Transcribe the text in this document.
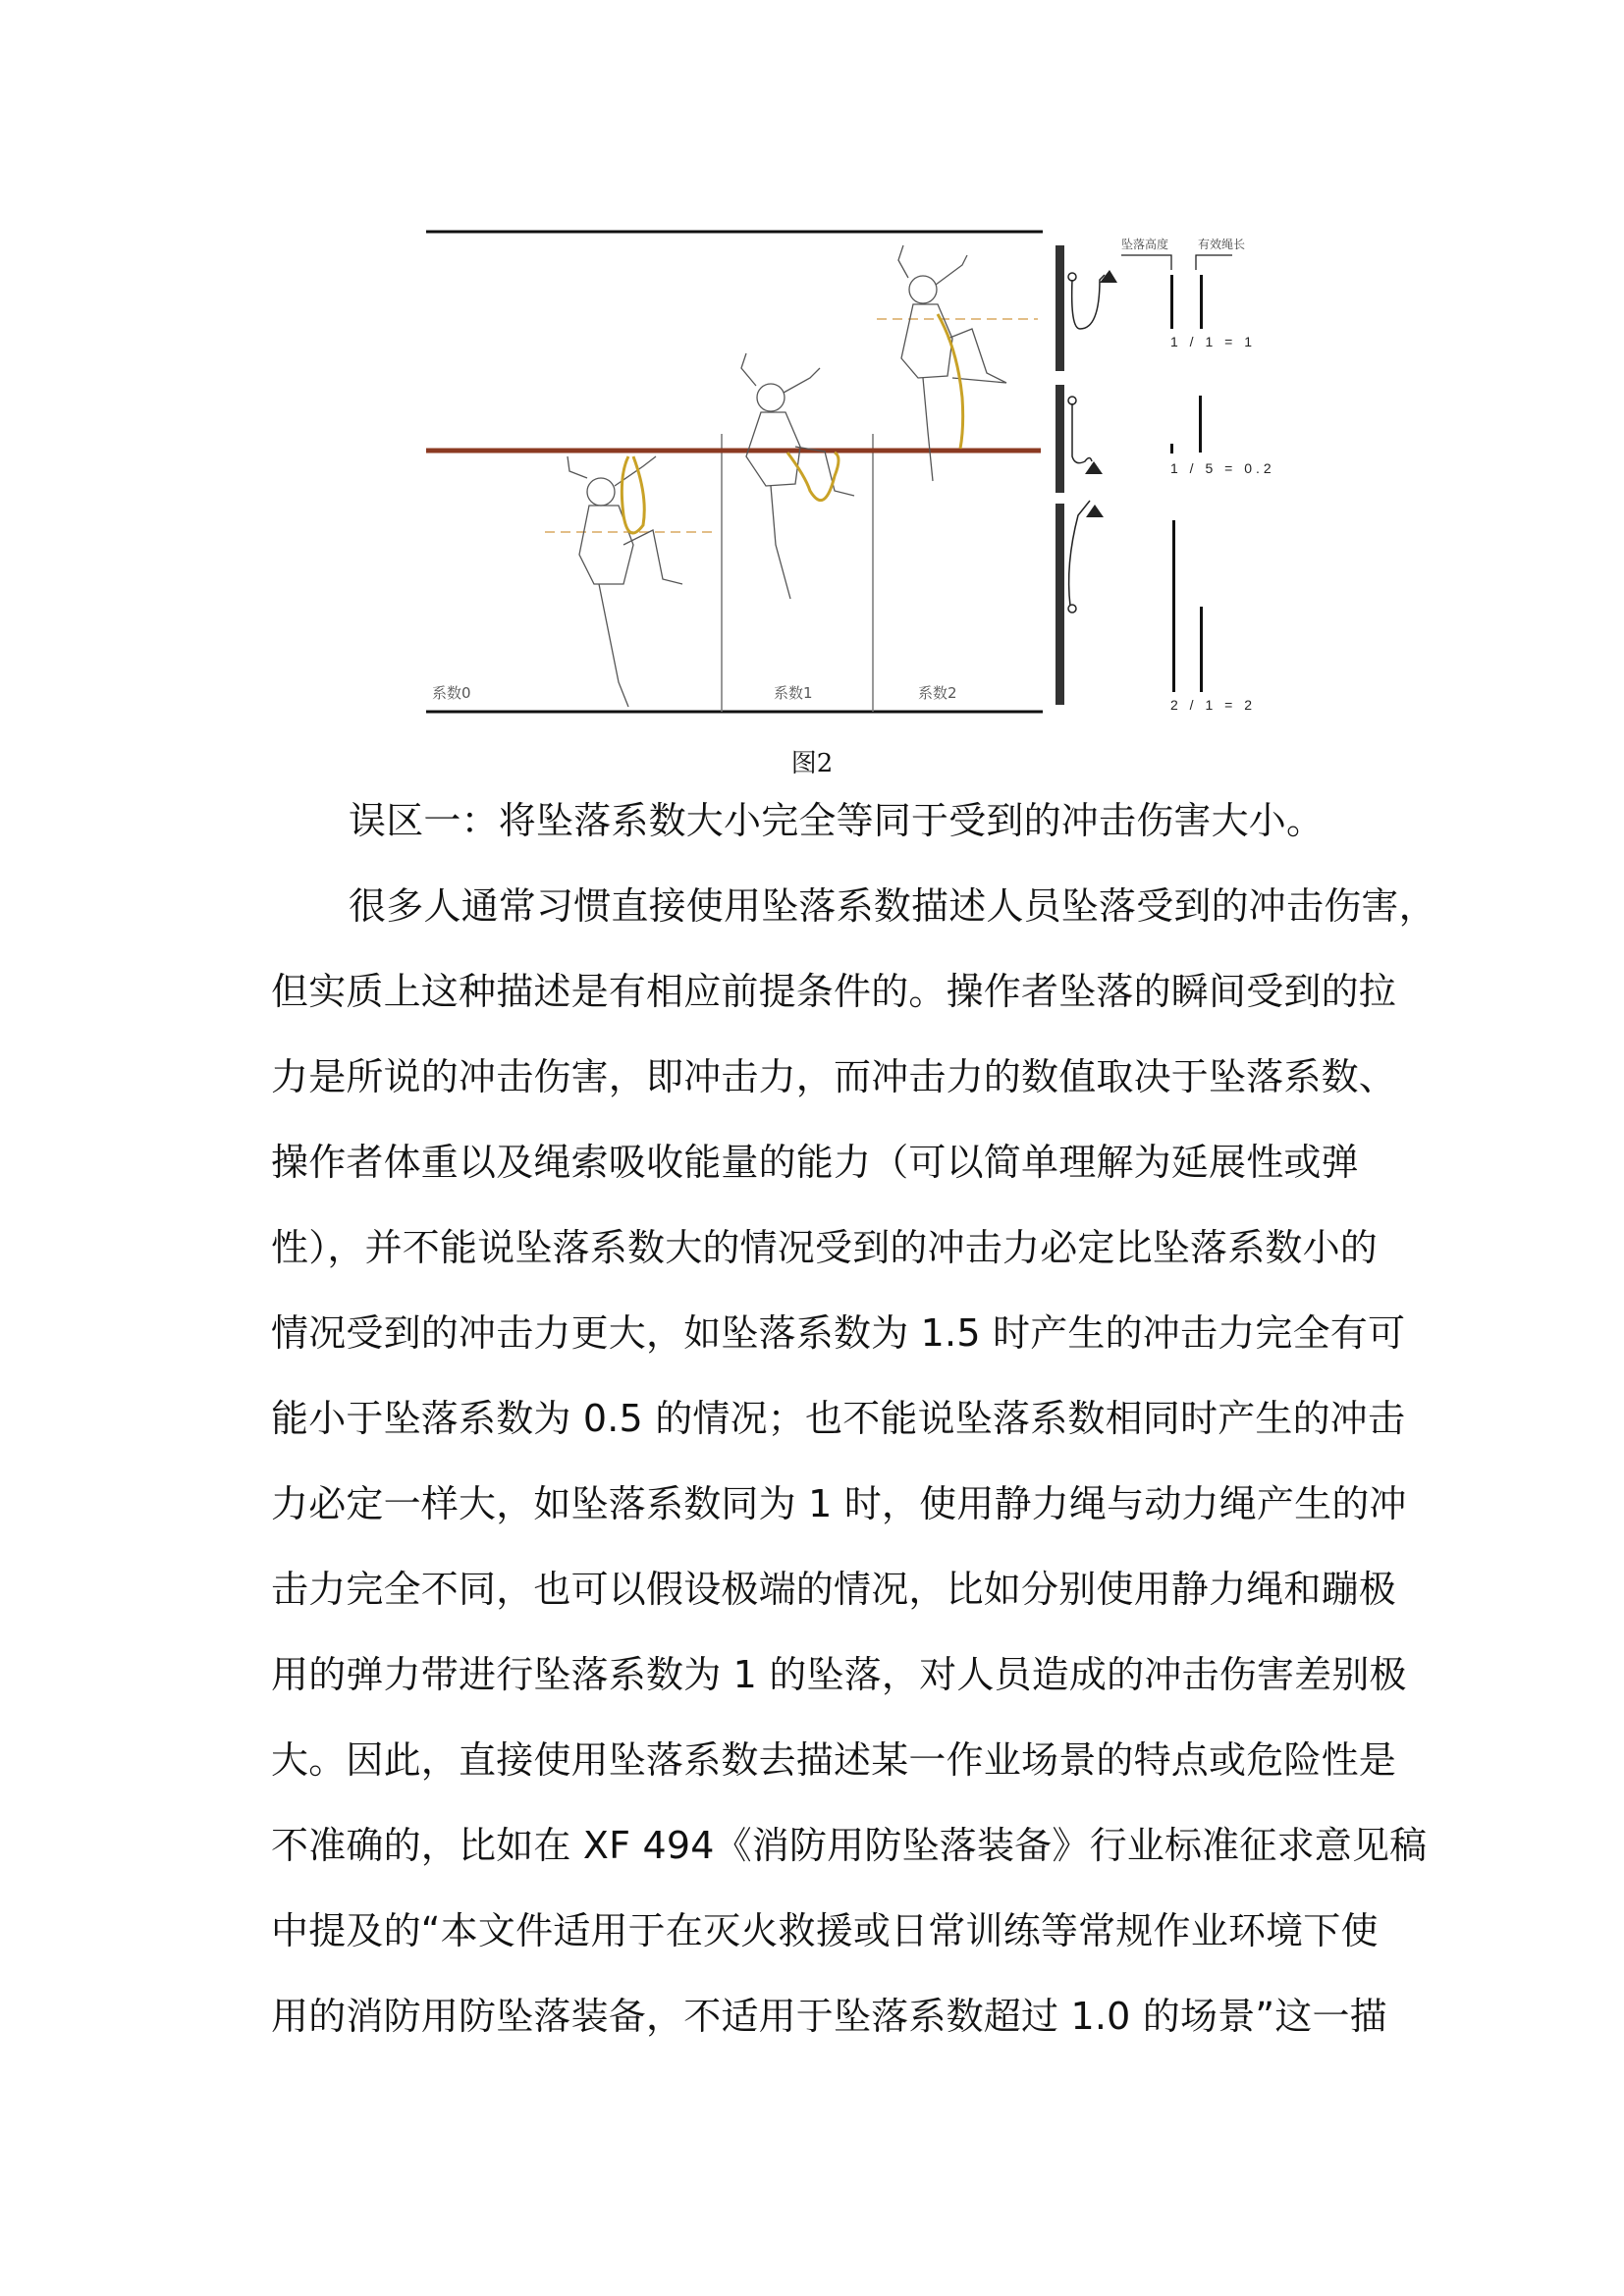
系数0	系数1	系数2
坠落高度 有效绳长
1 / 1 = 1
1 / 5 = 0.2
2 / 1 = 2
图2
误区一：将坠落系数大小完全等同于受到的冲击伤害大小。
很多人通常习惯直接使用坠落系数描述人员坠落受到的冲击伤害，
但实质上这种描述是有相应前提条件的。操作者坠落的瞬间受到的拉
力是所说的冲击伤害，即冲击力，而冲击力的数值取决于坠落系数、
操作者体重以及绳索吸收能量的能力（可以简单理解为延展性或弹
性），并不能说坠落系数大的情况受到的冲击力必定比坠落系数小的
情况受到的冲击力更大，如坠落系数为 1.5 时产生的冲击力完全有可
能小于坠落系数为 0.5 的情况；也不能说坠落系数相同时产生的冲击
力必定一样大，如坠落系数同为 1 时，使用静力绳与动力绳产生的冲
击力完全不同，也可以假设极端的情况，比如分别使用静力绳和蹦极
用的弹力带进行坠落系数为 1 的坠落，对人员造成的冲击伤害差别极
大。因此，直接使用坠落系数去描述某一作业场景的特点或危险性是
不准确的，比如在 XF 494《消防用防坠落装备》行业标准征求意见稿
中提及的“本文件适用于在灭火救援或日常训练等常规作业环境下使
用的消防用防坠落装备，不适用于坠落系数超过 1.0 的场景”这一描
